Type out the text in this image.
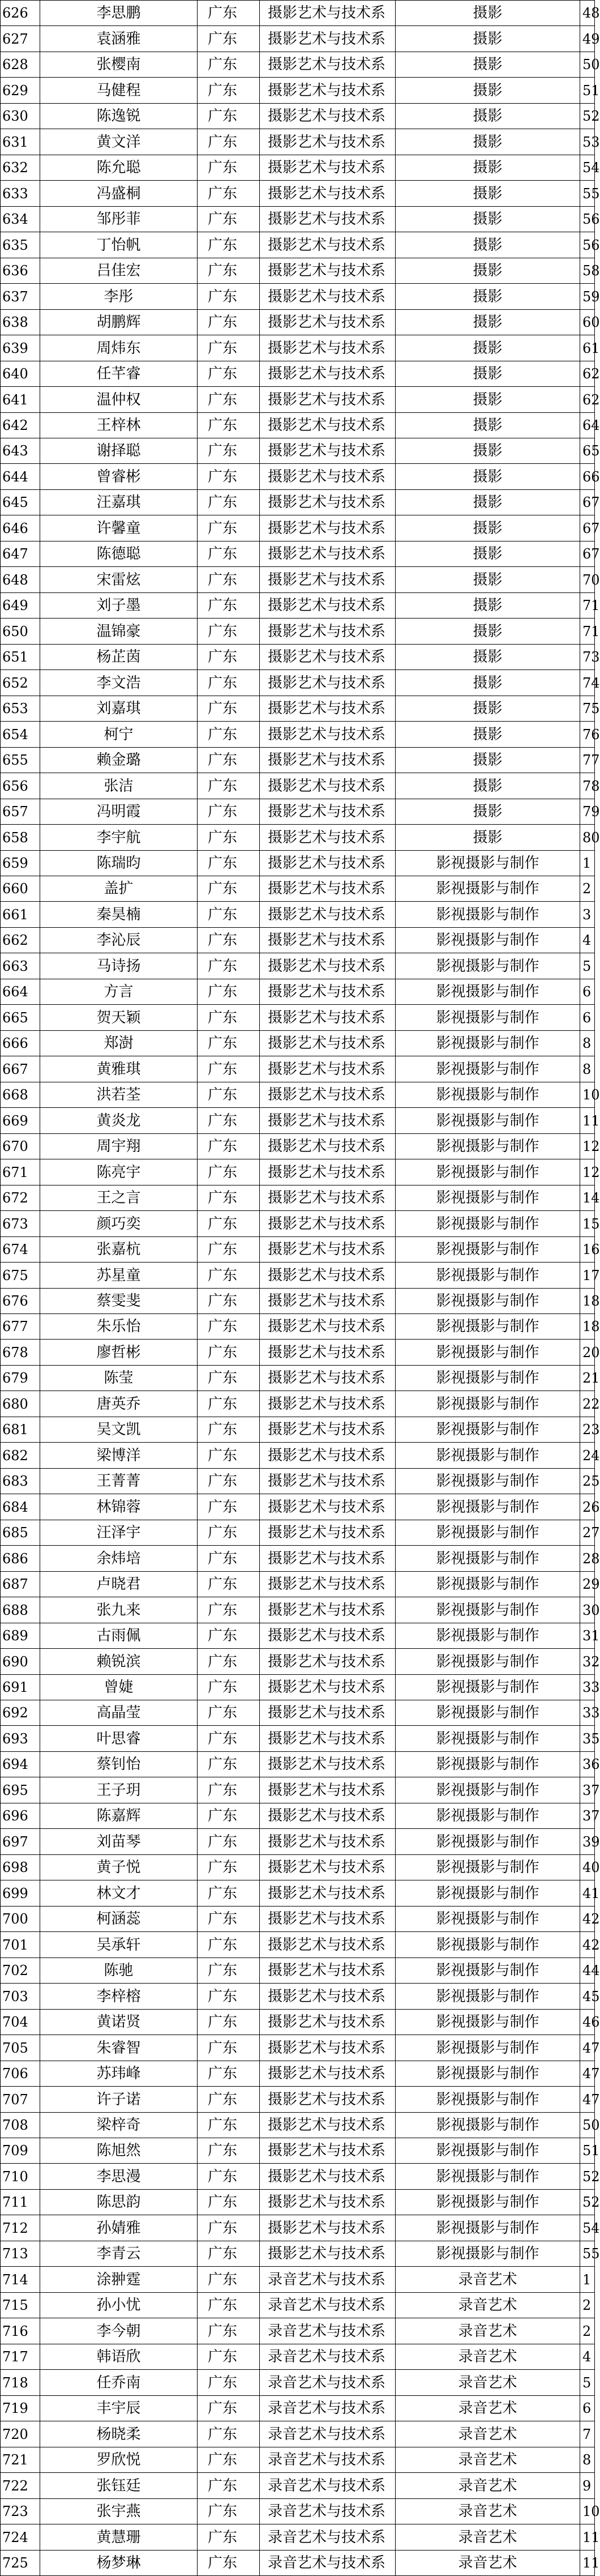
626	李思鹏	广东	摄影艺术与技术系	摄影	48
627	袁涵雅	广东	摄影艺术与技术系	摄影	49
628	张樱南	广东	摄影艺术与技术系	摄影	50
629	马健程	广东	摄影艺术与技术系	摄影	51
630	陈逸锐	广东	摄影艺术与技术系	摄影	52
631	黄文洋	广东	摄影艺术与技术系	摄影	53
632	陈允聪	广东	摄影艺术与技术系	摄影	54
633	冯盛桐	广东	摄影艺术与技术系	摄影	55
634	邹彤菲	广东	摄影艺术与技术系	摄影	56
635	丁怡帆	广东	摄影艺术与技术系	摄影	56
636	吕佳宏	广东	摄影艺术与技术系	摄影	58
637	李彤	广东	摄影艺术与技术系	摄影	59
638	胡鹏辉	广东	摄影艺术与技术系	摄影	60
639	周炜东	广东	摄影艺术与技术系	摄影	61
640	任芊睿	广东	摄影艺术与技术系	摄影	62
641	温仲权	广东	摄影艺术与技术系	摄影	62
642	王梓林	广东	摄影艺术与技术系	摄影	64
643	谢择聪	广东	摄影艺术与技术系	摄影	65
644	曾睿彬	广东	摄影艺术与技术系	摄影	66
645	汪嘉琪	广东	摄影艺术与技术系	摄影	67
646	许馨童	广东	摄影艺术与技术系	摄影	67
647	陈德聪	广东	摄影艺术与技术系	摄影	67
648	宋雷炫	广东	摄影艺术与技术系	摄影	70
649	刘子墨	广东	摄影艺术与技术系	摄影	71
650	温锦豪	广东	摄影艺术与技术系	摄影	71
651	杨芷茵	广东	摄影艺术与技术系	摄影	73
652	李文浩	广东	摄影艺术与技术系	摄影	74
653	刘嘉琪	广东	摄影艺术与技术系	摄影	75
654	柯宁	广东	摄影艺术与技术系	摄影	76
655	赖金璐	广东	摄影艺术与技术系	摄影	77
656	张洁	广东	摄影艺术与技术系	摄影	78
657	冯明霞	广东	摄影艺术与技术系	摄影	79
658	李宇航	广东	摄影艺术与技术系	摄影	80
659	陈瑞昀	广东	摄影艺术与技术系	影视摄影与制作	1
660	盖扩	广东	摄影艺术与技术系	影视摄影与制作	2
661	秦昊楠	广东	摄影艺术与技术系	影视摄影与制作	3
662	李沁辰	广东	摄影艺术与技术系	影视摄影与制作	4
663	马诗扬	广东	摄影艺术与技术系	影视摄影与制作	5
664	方言	广东	摄影艺术与技术系	影视摄影与制作	6
665	贺天颖	广东	摄影艺术与技术系	影视摄影与制作	6
666	郑澍	广东	摄影艺术与技术系	影视摄影与制作	8
667	黄雅琪	广东	摄影艺术与技术系	影视摄影与制作	8
668	洪若荃	广东	摄影艺术与技术系	影视摄影与制作	10
669	黄炎龙	广东	摄影艺术与技术系	影视摄影与制作	11
670	周宇翔	广东	摄影艺术与技术系	影视摄影与制作	12
671	陈亮宇	广东	摄影艺术与技术系	影视摄影与制作	12
672	王之言	广东	摄影艺术与技术系	影视摄影与制作	14
673	颜巧奕	广东	摄影艺术与技术系	影视摄影与制作	15
674	张嘉杭	广东	摄影艺术与技术系	影视摄影与制作	16
675	苏星童	广东	摄影艺术与技术系	影视摄影与制作	17
676	蔡雯斐	广东	摄影艺术与技术系	影视摄影与制作	18
677	朱乐怡	广东	摄影艺术与技术系	影视摄影与制作	18
678	廖哲彬	广东	摄影艺术与技术系	影视摄影与制作	20
679	陈莹	广东	摄影艺术与技术系	影视摄影与制作	21
680	唐英乔	广东	摄影艺术与技术系	影视摄影与制作	22
681	吴文凯	广东	摄影艺术与技术系	影视摄影与制作	23
682	梁博洋	广东	摄影艺术与技术系	影视摄影与制作	24
683	王菁菁	广东	摄影艺术与技术系	影视摄影与制作	25
684	林锦蓉	广东	摄影艺术与技术系	影视摄影与制作	26
685	汪泽宇	广东	摄影艺术与技术系	影视摄影与制作	27
686	余炜培	广东	摄影艺术与技术系	影视摄影与制作	28
687	卢晓君	广东	摄影艺术与技术系	影视摄影与制作	29
688	张九来	广东	摄影艺术与技术系	影视摄影与制作	30
689	古雨佩	广东	摄影艺术与技术系	影视摄影与制作	31
690	赖锐滨	广东	摄影艺术与技术系	影视摄影与制作	32
691	曾婕	广东	摄影艺术与技术系	影视摄影与制作	33
692	高晶莹	广东	摄影艺术与技术系	影视摄影与制作	33
693	叶思睿	广东	摄影艺术与技术系	影视摄影与制作	35
694	蔡钊怡	广东	摄影艺术与技术系	影视摄影与制作	36
695	王子玥	广东	摄影艺术与技术系	影视摄影与制作	37
696	陈嘉辉	广东	摄影艺术与技术系	影视摄影与制作	37
697	刘苗琴	广东	摄影艺术与技术系	影视摄影与制作	39
698	黄子悦	广东	摄影艺术与技术系	影视摄影与制作	40
699	林文才	广东	摄影艺术与技术系	影视摄影与制作	41
700	柯涵蕊	广东	摄影艺术与技术系	影视摄影与制作	42
701	吴承轩	广东	摄影艺术与技术系	影视摄影与制作	42
702	陈驰	广东	摄影艺术与技术系	影视摄影与制作	44
703	李梓榕	广东	摄影艺术与技术系	影视摄影与制作	45
704	黄诺贤	广东	摄影艺术与技术系	影视摄影与制作	46
705	朱睿智	广东	摄影艺术与技术系	影视摄影与制作	47
706	苏玮峰	广东	摄影艺术与技术系	影视摄影与制作	47
707	许子诺	广东	摄影艺术与技术系	影视摄影与制作	47
708	梁梓奇	广东	摄影艺术与技术系	影视摄影与制作	50
709	陈旭然	广东	摄影艺术与技术系	影视摄影与制作	51
710	李思漫	广东	摄影艺术与技术系	影视摄影与制作	52
711	陈思韵	广东	摄影艺术与技术系	影视摄影与制作	52
712	孙婧雅	广东	摄影艺术与技术系	影视摄影与制作	54
713	李青云	广东	摄影艺术与技术系	影视摄影与制作	55
714	涂翀霆	广东	录音艺术与技术系	录音艺术	1
715	孙小忧	广东	录音艺术与技术系	录音艺术	2
716	李今朝	广东	录音艺术与技术系	录音艺术	2
717	韩语欣	广东	录音艺术与技术系	录音艺术	4
718	任乔南	广东	录音艺术与技术系	录音艺术	5
719	丰宇辰	广东	录音艺术与技术系	录音艺术	6
720	杨晓柔	广东	录音艺术与技术系	录音艺术	7
721	罗欣悦	广东	录音艺术与技术系	录音艺术	8
722	张钰廷	广东	录音艺术与技术系	录音艺术	9
723	张宇燕	广东	录音艺术与技术系	录音艺术	10
724	黄慧珊	广东	录音艺术与技术系	录音艺术	11
725	杨梦琳	广东	录音艺术与技术系	录音艺术	11
